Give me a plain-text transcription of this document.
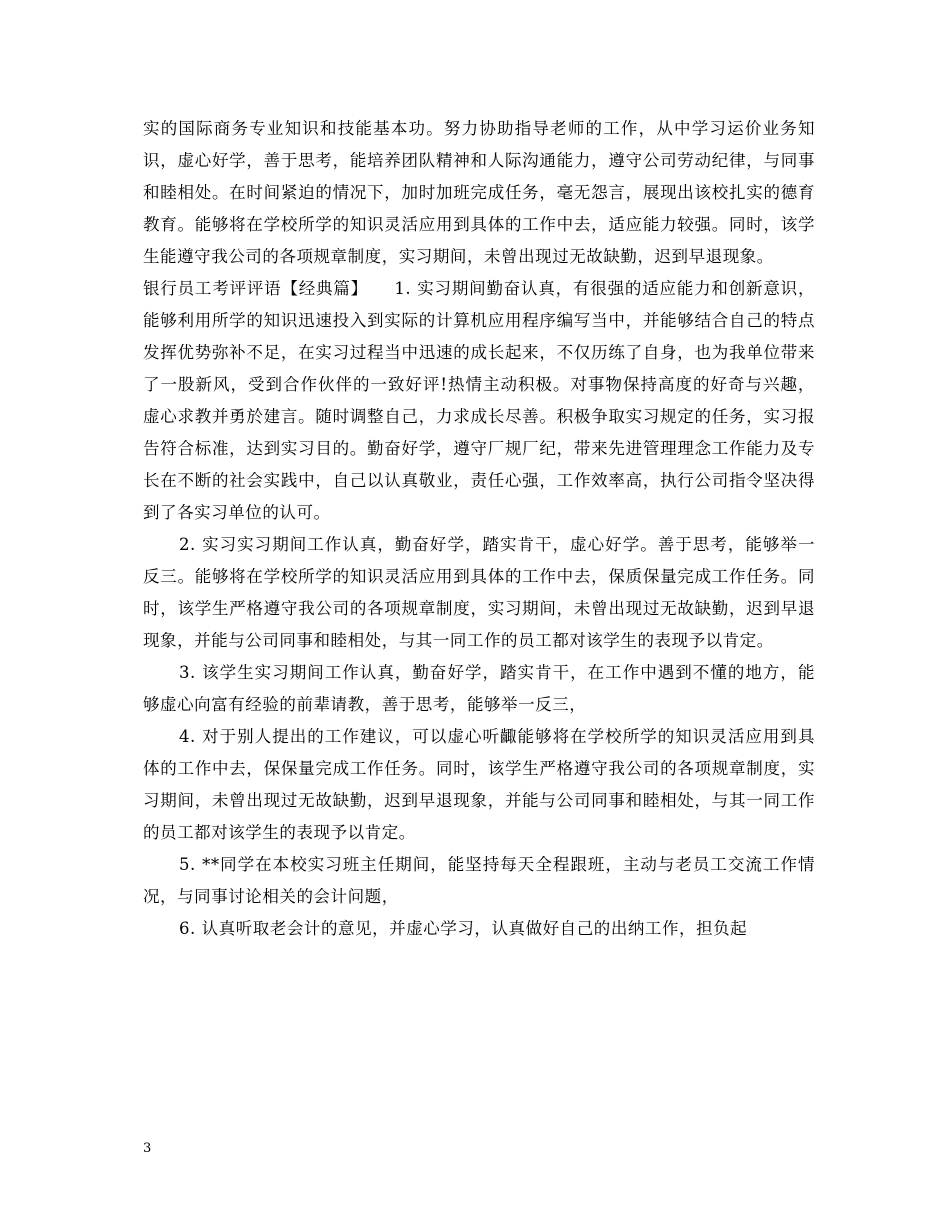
实的国际商务专业知识和技能基本功。努力协助指导老师的工作，从中学习运价业务知识，虚心好学，善于思考，能培养团队精神和人际沟通能力，遵守公司劳动纪律，与同事和睦相处。在时间紧迫的情况下，加时加班完成任务，毫无怨言，展现出该校扎实的德育教育。能够将在学校所学的知识灵活应用到具体的工作中去，适应能力较强。同时，该学生能遵守我公司的各项规章制度，实习期间，未曾出现过无故缺勤，迟到早退现象。

银行员工考评评语【经典篇】　　1. 实习期间勤奋认真，有很强的适应能力和创新意识，能够利用所学的知识迅速投入到实际的计算机应用程序编写当中，并能够结合自己的特点发挥优势弥补不足，在实习过程当中迅速的成长起来，不仅历练了自身，也为我单位带来了一股新风，受到合作伙伴的一致好评!热情主动积极。对事物保持高度的好奇与兴趣，虚心求教并勇於建言。随时调整自己，力求成长尽善。积极争取实习规定的任务，实习报告符合标准，达到实习目的。勤奋好学，遵守厂规厂纪，带来先进管理理念工作能力及专长在不断的社会实践中，自己以认真敬业，责任心强，工作效率高，执行公司指令坚决得到了各实习单位的认可。

2. 实习实习期间工作认真，勤奋好学，踏实肯干，虚心好学。善于思考，能够举一反三。能够将在学校所学的知识灵活应用到具体的工作中去，保质保量完成工作任务。同时，该学生严格遵守我公司的各项规章制度，实习期间，未曾出现过无故缺勤，迟到早退现象，并能与公司同事和睦相处，与其一同工作的员工都对该学生的表现予以肯定。

3. 该学生实习期间工作认真，勤奋好学，踏实肯干，在工作中遇到不懂的地方，能够虚心向富有经验的前辈请教，善于思考，能够举一反三，

4. 对于别人提出的工作建议，可以虚心听齱能够将在学校所学的知识灵活应用到具体的工作中去，保保量完成工作任务。同时，该学生严格遵守我公司的各项规章制度，实习期间，未曾出现过无故缺勤，迟到早退现象，并能与公司同事和睦相处，与其一同工作的员工都对该学生的表现予以肯定。

5. **同学在本校实习班主任期间，能坚持每天全程跟班，主动与老员工交流工作情况，与同事讨论相关的会计问题，

6. 认真听取老会计的意见，并虚心学习，认真做好自己的出纳工作，担负起

3
